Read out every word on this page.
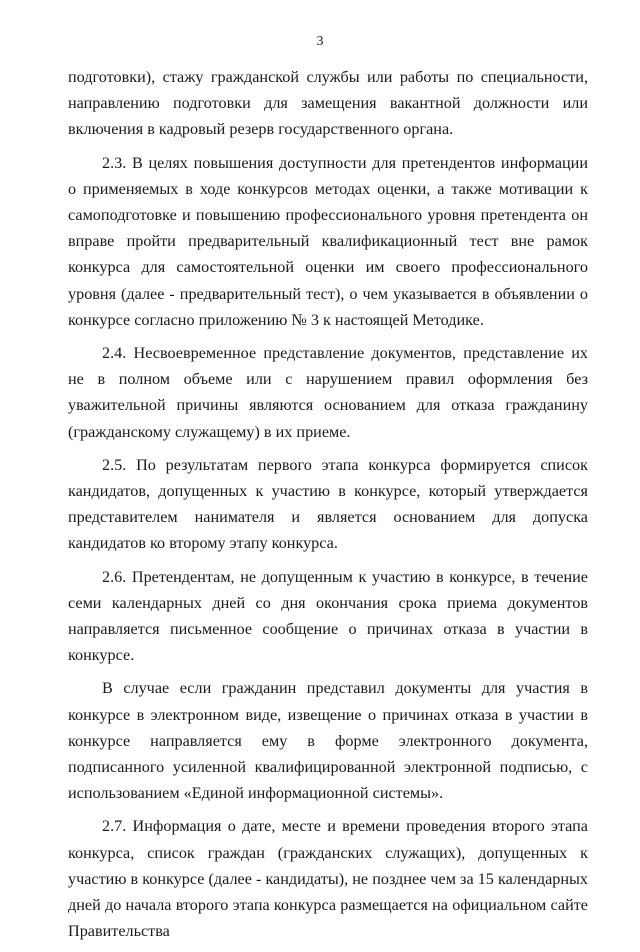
3

подготовки), стажу гражданской службы или работы по специальности, направлению подготовки для замещения вакантной должности или включения в кадровый резерв государственного органа.

2.3. В целях повышения доступности для претендентов информации о применяемых в ходе конкурсов методах оценки, а также мотивации к самоподготовке и повышению профессионального уровня претендента он вправе пройти предварительный квалификационный тест вне рамок конкурса для самостоятельной оценки им своего профессионального уровня (далее - предварительный тест), о чем указывается в объявлении о конкурсе согласно приложению № 3 к настоящей Методике.

2.4. Несвоевременное представление документов, представление их не в полном объеме или с нарушением правил оформления без уважительной причины являются основанием для отказа гражданину (гражданскому служащему) в их приеме.

2.5. По результатам первого этапа конкурса формируется список кандидатов, допущенных к участию в конкурсе, который утверждается представителем нанимателя и является основанием для допуска кандидатов ко второму этапу конкурса.

2.6. Претендентам, не допущенным к участию в конкурсе, в течение семи календарных дней со дня окончания срока приема документов направляется письменное сообщение о причинах отказа в участии в конкурсе.

В случае если гражданин представил документы для участия в конкурсе в электронном виде, извещение о причинах отказа в участии в конкурсе направляется ему в форме электронного документа, подписанного усиленной квалифицированной электронной подписью, с использованием «Единой информационной системы».

2.7. Информация о дате, месте и времени проведения второго этапа конкурса, список граждан (гражданских служащих), допущенных к участию в конкурсе (далее - кандидаты), не позднее чем за 15 календарных дней до начала второго этапа конкурса размещается на официальном сайте Правительства
